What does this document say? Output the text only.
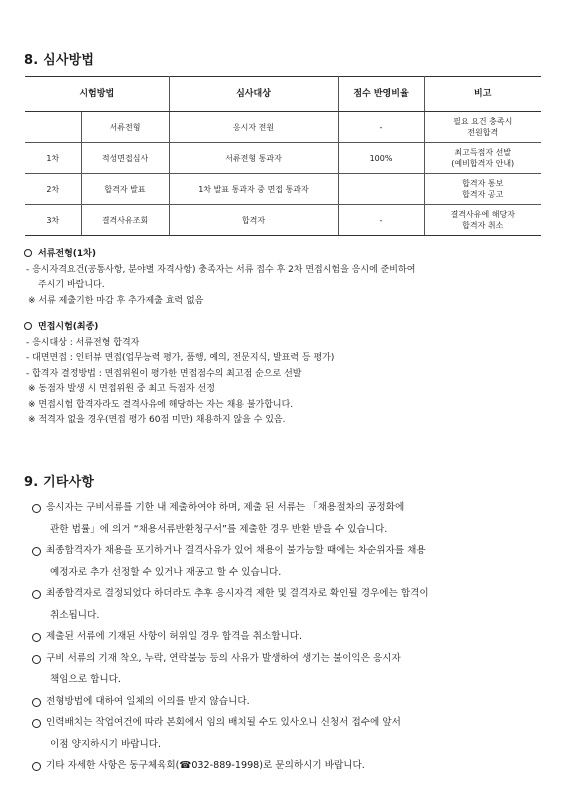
8. 심사방법
시험방법		심사대상	점수 반영비율	비고
	서류전형	응시자 전원	-	필요 요건 충족시
전원합격

1차	적성면접심사	서류전형 통과자	100%	최고득점자 선발
(예비합격자 안내)

2차	합격자 발표	1차 발표 통과자 중 면접 통과자		합격자 통보
합격자 공고

3차	결격사유조회	합격자	-	결격사유에 해당자
합격자 취소
서류전형(1차)
- 응시자격요건(공통사항, 분야별 자격사항) 충족자는 서류 접수 후 2차 면접시험을 응시에 준비하여
주시기 바랍니다.
※ 서류 제출기한 마감 후 추가제출 효력 없음
면접시험(최종)
- 응시대상 : 서류전형 합격자
- 대면면접 : 인터뷰 면접(업무능력 평가, 품행, 예의, 전문지식, 발표력 등 평가)
- 합격자 결정방법 : 면접위원이 평가한 면접점수의 최고점 순으로 선발
※ 동점자 발생 시 면접위원 중 최고 득점자 선정
※ 면접시험 합격자라도 결격사유에 해당하는 자는 채용 불가합니다.
※ 적격자 없을 경우(면접 평가 60점 미만) 채용하지 않을 수 있음.
9. 기타사항
응시자는 구비서류를 기한 내 제출하여야 하며, 제출 된 서류는 「채용절차의 공정화에
관한 법률」에 의거 “채용서류반환청구서”를 제출한 경우 반환 받을 수 있습니다.
최종합격자가 채용을 포기하거나 결격사유가 있어 채용이 불가능할 때에는 차순위자를 채용
예정자로 추가 선정할 수 있거나 재공고 할 수 있습니다.
최종합격자로 결정되었다 하더라도 추후 응시자격 제한 및 결격자로 확인될 경우에는 합격이
취소됩니다.
제출된 서류에 기재된 사항이 허위일 경우 합격을 취소합니다.
구비 서류의 기재 착오, 누락, 연락불능 등의 사유가 발생하여 생기는 불이익은 응시자
책임으로 합니다.
전형방법에 대하여 일체의 이의를 받지 않습니다.
인력배치는 작업여건에 따라 본회에서 임의 배치될 수도 있사오니 신청서 접수에 앞서
이점 양지하시기 바랍니다.
기타 자세한 사항은 동구체육회(☎032-889-1998)로 문의하시기 바랍니다.
